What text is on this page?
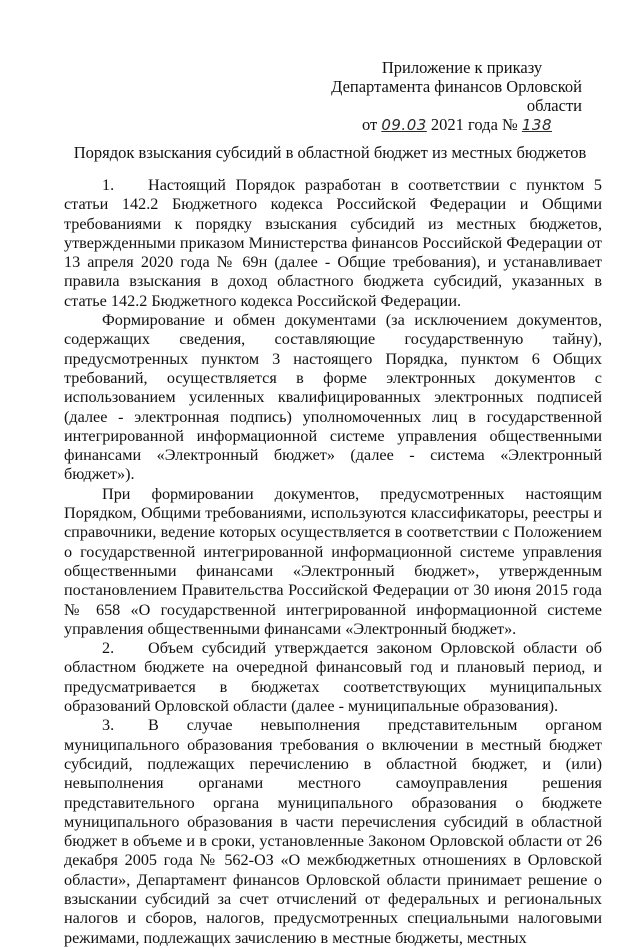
Приложение к приказу
Департамента финансов Орловской области
от 09.03 2021 года № 138
Порядок взыскания субсидий в областной бюджет из местных бюджетов

1. Настоящий Порядок разработан в соответствии с пунктом 5 статьи 142.2 Бюджетного кодекса Российской Федерации и Общими требованиями к порядку взыскания субсидий из местных бюджетов, утвержденными приказом Министерства финансов Российской Федерации от 13 апреля 2020 года № 69н (далее - Общие требования), и устанавливает правила взыскания в доход областного бюджета субсидий, указанных в статье 142.2 Бюджетного кодекса Российской Федерации.

Формирование и обмен документами (за исключением документов, содержащих сведения, составляющие государственную тайну), предусмотренных пунктом 3 настоящего Порядка, пунктом 6 Общих требований, осуществляется в форме электронных документов с использованием усиленных квалифицированных электронных подписей (далее - электронная подпись) уполномоченных лиц в государственной интегрированной информационной системе управления общественными финансами «Электронный бюджет» (далее - система «Электронный бюджет»).

При формировании документов, предусмотренных настоящим Порядком, Общими требованиями, используются классификаторы, реестры и справочники, ведение которых осуществляется в соответствии с Положением о государственной интегрированной информационной системе управления общественными финансами «Электронный бюджет», утвержденным постановлением Правительства Российской Федерации от 30 июня 2015 года № 658 «О государственной интегрированной информационной системе управления общественными финансами «Электронный бюджет».

2. Объем субсидий утверждается законом Орловской области об областном бюджете на очередной финансовый год и плановый период, и предусматривается в бюджетах соответствующих муниципальных образований Орловской области (далее - муниципальные образования).

3. В случае невыполнения представительным органом муниципального образования требования о включении в местный бюджет субсидий, подлежащих перечислению в областной бюджет, и (или) невыполнения органами местного самоуправления решения представительного органа муниципального образования о бюджете муниципального образования в части перечисления субсидий в областной бюджет в объеме и в сроки, установленные Законом Орловской области от 26 декабря 2005 года № 562-ОЗ «О межбюджетных отношениях в Орловской области», Департамент финансов Орловской области принимает решение о взыскании субсидий за счет отчислений от федеральных и региональных налогов и сборов, налогов, предусмотренных специальными налоговыми режимами, подлежащих зачислению в местные бюджеты, местных
